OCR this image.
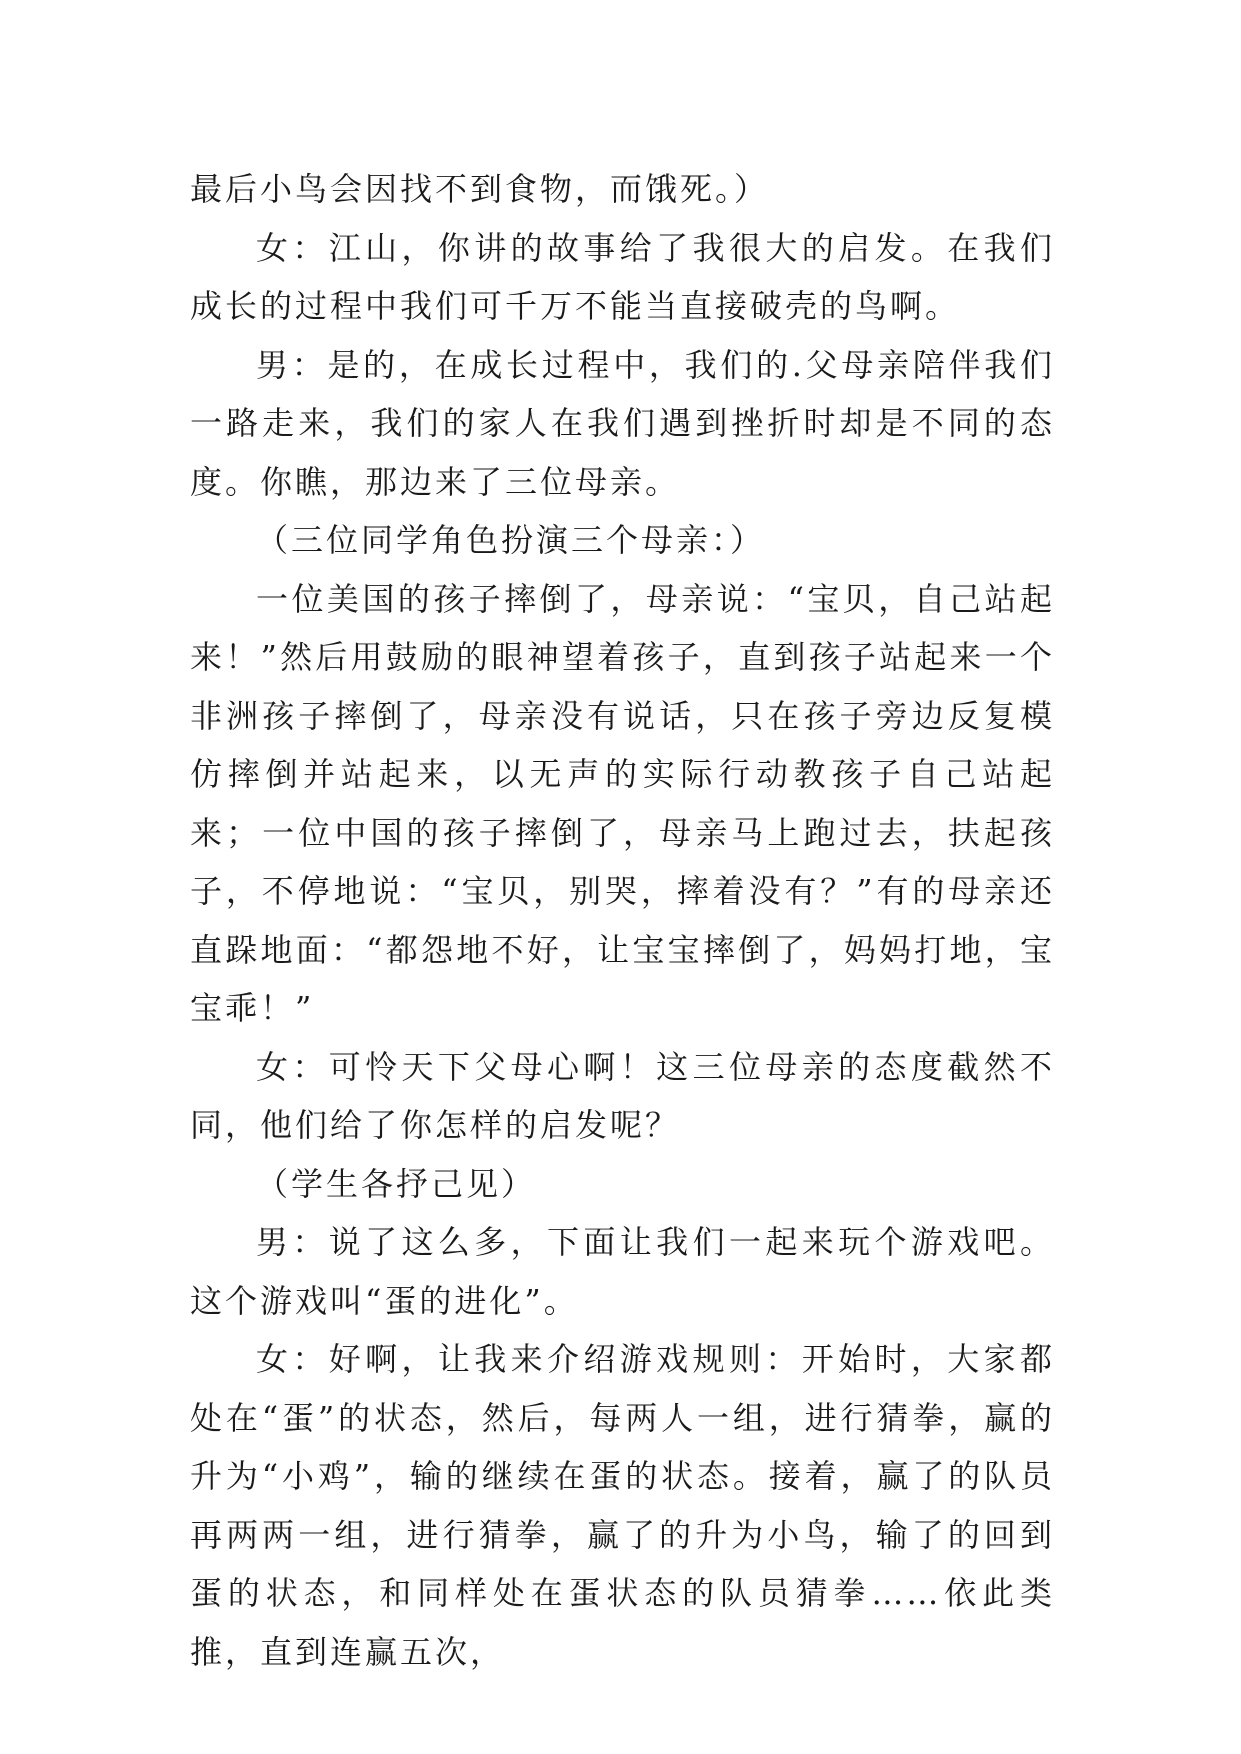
最后小鸟会因找不到食物，而饿死。）

女：江山，你讲的故事给了我很大的启发。在我们成长的过程中我们可千万不能当直接破壳的鸟啊。

男：是的，在成长过程中，我们的.父母亲陪伴我们一路走来，我们的家人在我们遇到挫折时却是不同的态度。你瞧，那边来了三位母亲。

（三位同学角色扮演三个母亲：）

一位美国的孩子摔倒了，母亲说：“宝贝，自己站起来！”然后用鼓励的眼神望着孩子，直到孩子站起来一个非洲孩子摔倒了，母亲没有说话，只在孩子旁边反复模仿摔倒并站起来，以无声的实际行动教孩子自己站起来；一位中国的孩子摔倒了，母亲马上跑过去，扶起孩子，不停地说：“宝贝，别哭，摔着没有？”有的母亲还直跺地面：“都怨地不好，让宝宝摔倒了，妈妈打地，宝宝乖！”

女：可怜天下父母心啊！这三位母亲的态度截然不同，他们给了你怎样的启发呢？

（学生各抒己见）

男：说了这么多，下面让我们一起来玩个游戏吧。这个游戏叫“蛋的进化”。

女：好啊，让我来介绍游戏规则：开始时，大家都处在“蛋”的状态，然后，每两人一组，进行猜拳，赢的升为“小鸡”，输的继续在蛋的状态。接着，赢了的队员再两两一组，进行猜拳，赢了的升为小鸟，输了的回到蛋的状态，和同样处在蛋状态的队员猜拳……依此类推，直到连赢五次，
